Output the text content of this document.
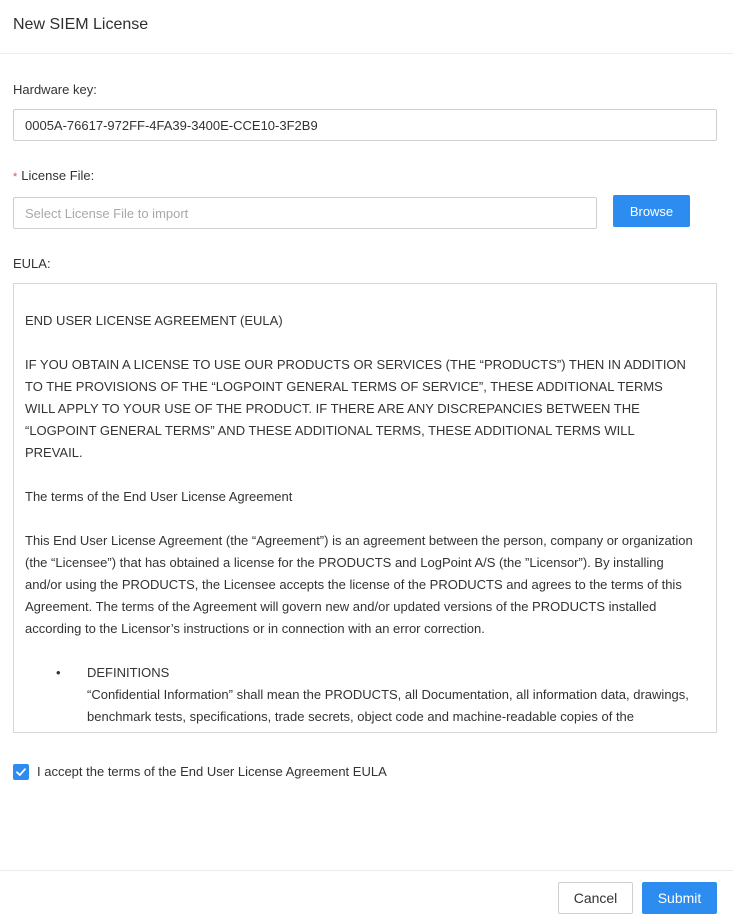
New SIEM License
Hardware key:
0005A-76617-972FF-4FA39-3400E-CCE10-3F2B9
* License File:
Select License File to import
Browse
EULA:

END USER LICENSE AGREEMENT (EULA)

IF YOU OBTAIN A LICENSE TO USE OUR PRODUCTS OR SERVICES (THE “PRODUCTS”) THEN IN ADDITION TO THE PROVISIONS OF THE “LOGPOINT GENERAL TERMS OF SERVICE”, THESE ADDITIONAL TERMS WILL APPLY TO YOUR USE OF THE PRODUCT. IF THERE ARE ANY DISCREPANCIES BETWEEN THE “LOGPOINT GENERAL TERMS” AND THESE ADDITIONAL TERMS, THESE ADDITIONAL TERMS WILL PREVAIL.

The terms of the End User License Agreement

This End User License Agreement (the “Agreement”) is an agreement between the person, company or organization (the “Licensee”) that has obtained a license for the PRODUCTS and LogPoint A/S (the ”Licensor”). By installing and/or using the PRODUCTS, the Licensee accepts the license of the PRODUCTS and agrees to the terms of this Agreement. The terms of the Agreement will govern new and/or updated versions of the PRODUCTS installed according to the Licensor’s instructions or in connection with an error correction.

• DEFINITIONS
“Confidential Information” shall mean the PRODUCTS, all Documentation, all information data, drawings, benchmark tests, specifications, trade secrets, object code and machine-readable copies of the
I accept the terms of the End User License Agreement EULA
Cancel	Submit
